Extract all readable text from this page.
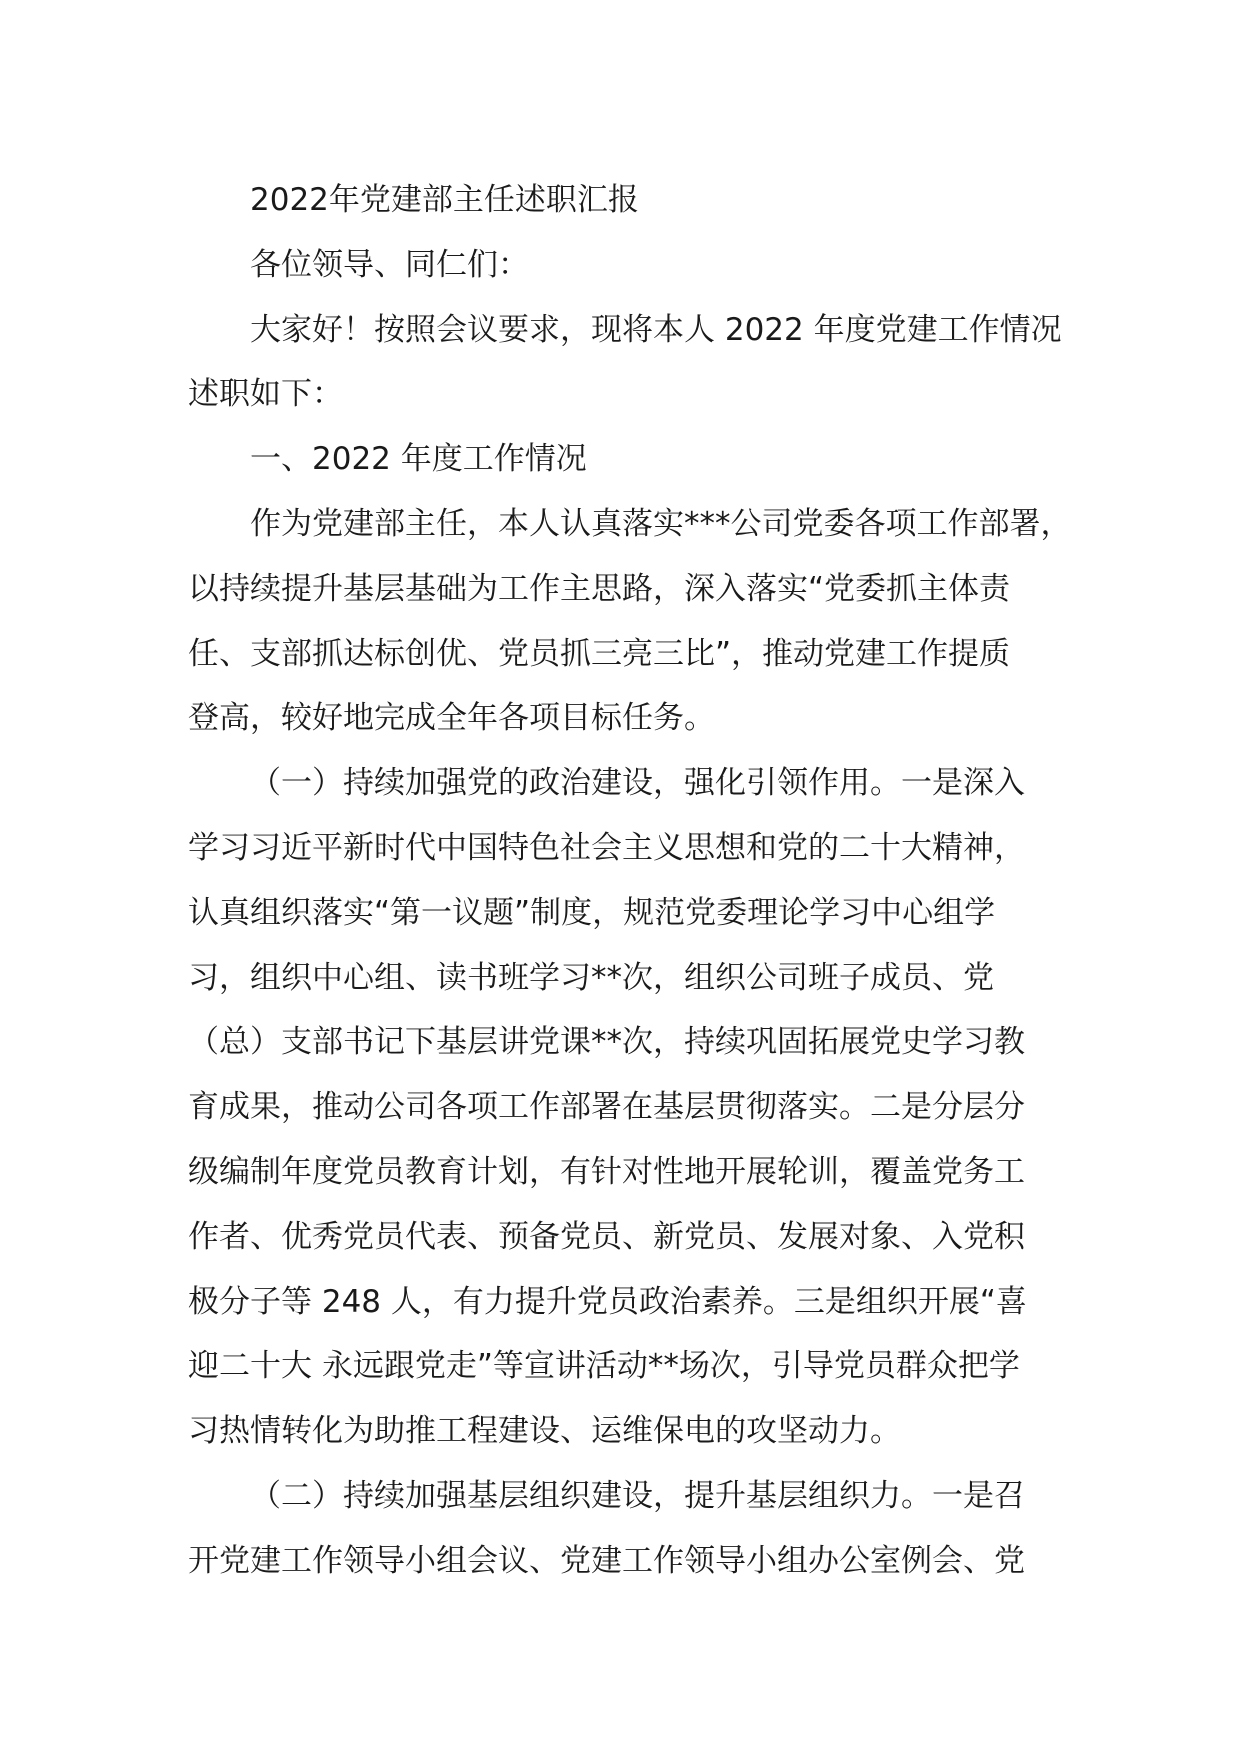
2022年党建部主任述职汇报
各位领导、同仁们：
大家好！按照会议要求，现将本人 2022 年度党建工作情况
述职如下：
一、2022 年度工作情况
作为党建部主任，本人认真落实***公司党委各项工作部署，
以持续提升基层基础为工作主思路，深入落实“党委抓主体责
任、支部抓达标创优、党员抓三亮三比”，推动党建工作提质
登高，较好地完成全年各项目标任务。
（一）持续加强党的政治建设，强化引领作用。一是深入
学习习近平新时代中国特色社会主义思想和党的二十大精神，
认真组织落实“第一议题”制度，规范党委理论学习中心组学
习，组织中心组、读书班学习**次，组织公司班子成员、党
（总）支部书记下基层讲党课**次，持续巩固拓展党史学习教
育成果，推动公司各项工作部署在基层贯彻落实。二是分层分
级编制年度党员教育计划，有针对性地开展轮训，覆盖党务工
作者、优秀党员代表、预备党员、新党员、发展对象、入党积
极分子等 248 人，有力提升党员政治素养。三是组织开展“喜
迎二十大 永远跟党走”等宣讲活动**场次，引导党员群众把学
习热情转化为助推工程建设、运维保电的攻坚动力。
（二）持续加强基层组织建设，提升基层组织力。一是召
开党建工作领导小组会议、党建工作领导小组办公室例会、党
